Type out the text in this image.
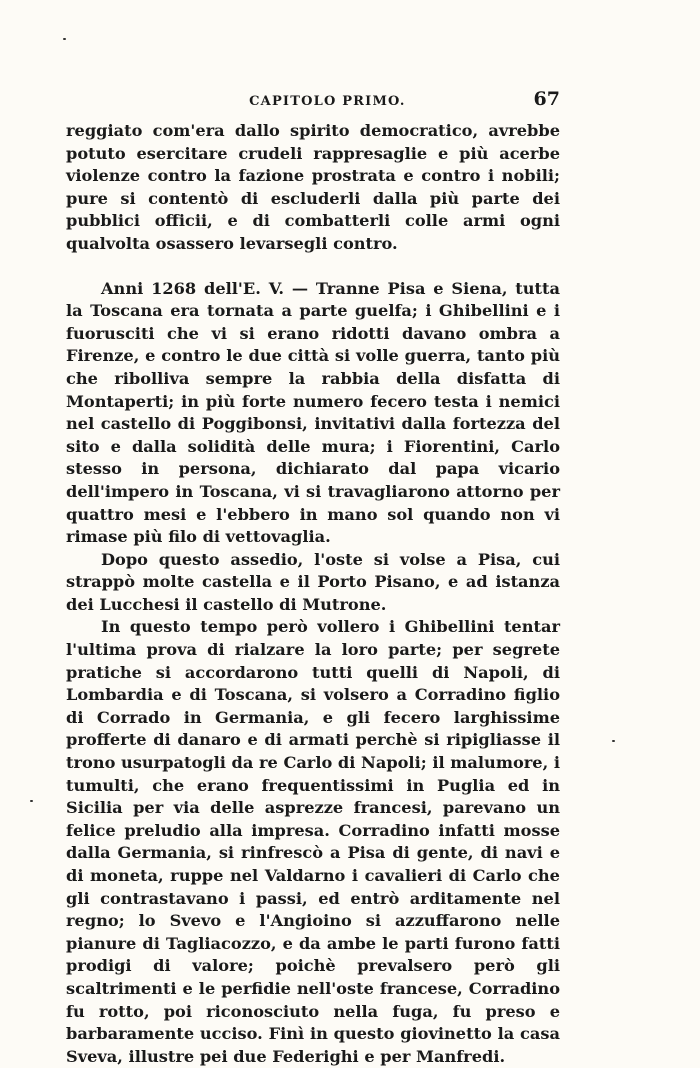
CAPITOLO PRIMO.	67

reggiato com'era dallo spirito democratico, avrebbe potuto esercitare crudeli rappresaglie e più acerbe violenze contro la fazione prostrata e contro i nobili; pure si contentò di escluderli dalla più parte dei pubblici officii, e di combatterli colle armi ogni qualvolta osassero levarsegli contro.

Anni 1268 dell'E. V. — Tranne Pisa e Siena, tutta la Toscana era tornata a parte guelfa; i Ghibellini e i fuorusciti che vi si erano ridotti davano ombra a Firenze, e contro le due città si volle guerra, tanto più che ribolliva sempre la rabbia della disfatta di Montaperti; in più forte numero fecero testa i nemici nel castello di Poggibonsi, invitativi dalla fortezza del sito e dalla solidità delle mura; i Fiorentini, Carlo stesso in persona, dichiarato dal papa vicario dell'impero in Toscana, vi si travagliarono attorno per quattro mesi e l'ebbero in mano sol quando non vi rimase più filo di vettovaglia.

Dopo questo assedio, l'oste si volse a Pisa, cui strappò molte castella e il Porto Pisano, e ad istanza dei Lucchesi il castello di Mutrone.

In questo tempo però vollero i Ghibellini tentar l'ultima prova di rialzare la loro parte; per segrete pratiche si accordarono tutti quelli di Napoli, di Lombardia e di Toscana, si volsero a Corradino figlio di Corrado in Germania, e gli fecero larghissime profferte di danaro e di armati perchè si ripigliasse il trono usurpatogli da re Carlo di Napoli; il malumore, i tumulti, che erano frequentissimi in Puglia ed in Sicilia per via delle asprezze francesi, parevano un felice preludio alla impresa. Corradino infatti mosse dalla Germania, si rinfrescò a Pisa di gente, di navi e di moneta, ruppe nel Valdarno i cavalieri di Carlo che gli contrastavano i passi, ed entrò arditamente nel regno; lo Svevo e l'Angioino si azzuffarono nelle pianure di Tagliacozzo, e da ambe le parti furono fatti prodigi di valore; poichè prevalsero però gli scaltrimenti e le perfidie nell'oste francese, Corradino fu rotto, poi riconosciuto nella fuga, fu preso e barbaramente ucciso. Finì in questo giovinetto la casa Sveva, illustre pei due Federighi e per Manfredi.
